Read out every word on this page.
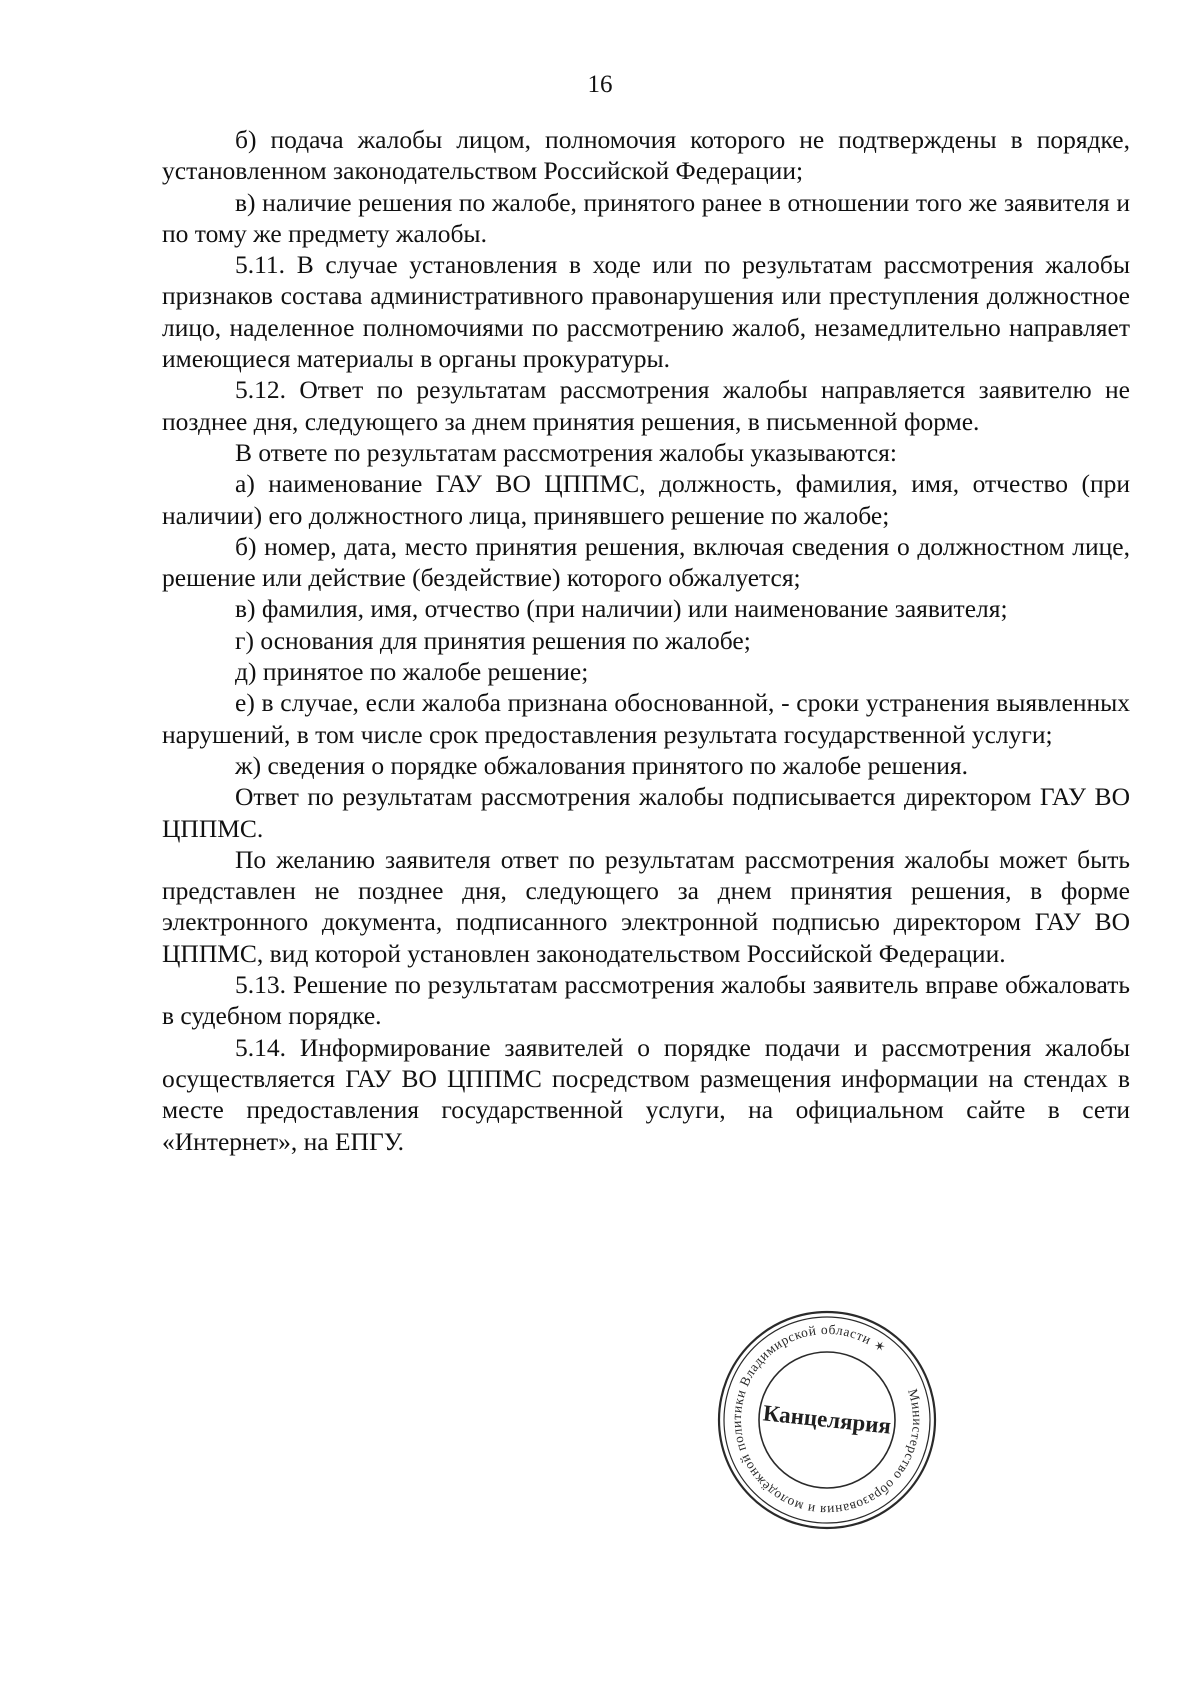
16

б) подача жалобы лицом, полномочия которого не подтверждены в порядке, установленном законодательством Российской Федерации;

в) наличие решения по жалобе, принятого ранее в отношении того же заявителя и по тому же предмету жалобы.

5.11. В случае установления в ходе или по результатам рассмотрения жалобы признаков состава административного правонарушения или преступления должностное лицо, наделенное полномочиями по рассмотрению жалоб, незамедлительно направляет имеющиеся материалы в органы прокуратуры.

5.12. Ответ по результатам рассмотрения жалобы направляется заявителю не позднее дня, следующего за днем принятия решения, в письменной форме.

В ответе по результатам рассмотрения жалобы указываются:

а) наименование ГАУ ВО ЦППМС, должность, фамилия, имя, отчество (при наличии) его должностного лица, принявшего решение по жалобе;

б) номер, дата, место принятия решения, включая сведения о должностном лице, решение или действие (бездействие) которого обжалуется;

в) фамилия, имя, отчество (при наличии) или наименование заявителя;

г) основания для принятия решения по жалобе;

д) принятое по жалобе решение;

е) в случае, если жалоба признана обоснованной, - сроки устранения выявленных нарушений, в том числе срок предоставления результата государственной услуги;

ж) сведения о порядке обжалования принятого по жалобе решения.

Ответ по результатам рассмотрения жалобы подписывается директором ГАУ ВО ЦППМС.

По желанию заявителя ответ по результатам рассмотрения жалобы может быть представлен не позднее дня, следующего за днем принятия решения, в форме электронного документа, подписанного электронной подписью директором ГАУ ВО ЦППМС, вид которой установлен законодательством Российской Федерации.

5.13. Решение по результатам рассмотрения жалобы заявитель вправе обжаловать в судебном порядке.

5.14. Информирование заявителей о порядке подачи и рассмотрения жалобы осуществляется ГАУ ВО ЦППМС посредством размещения информации на стендах в месте предоставления государственной услуги, на официальном сайте в сети «Интернет», на ЕПГУ.

Министерство образования и молодёжной политики Владимирской области ✶
Канцелярия
